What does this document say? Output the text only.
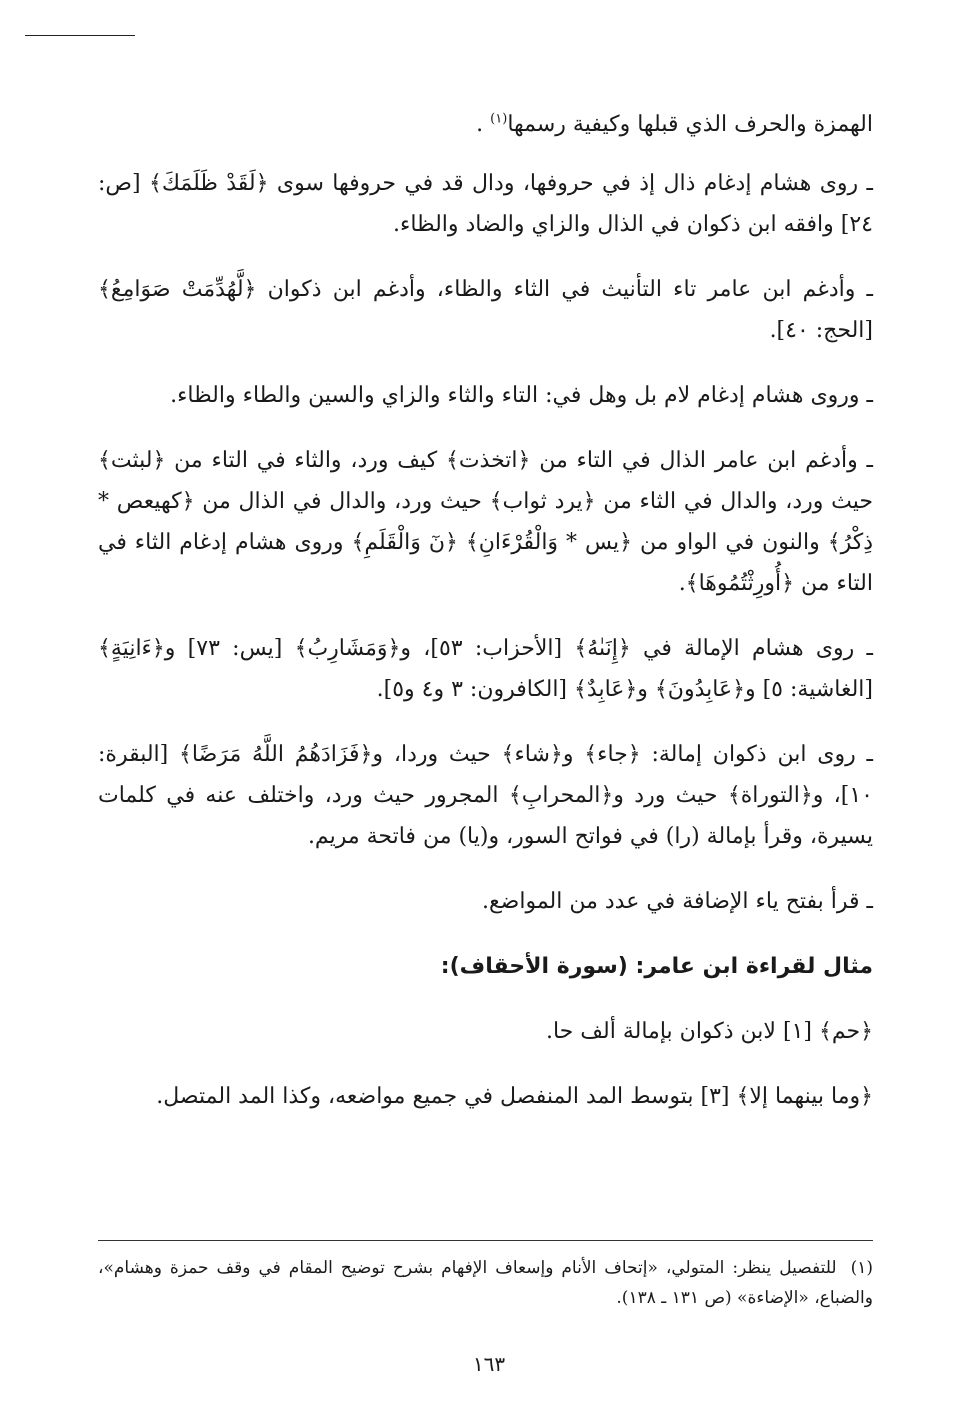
الهمزة والحرف الذي قبلها وكيفية رسمها$^{(١)}$ .

ـ روى هشام إدغام ذال إذ في حروفها، ودال قد في حروفها سوى ﴿لَقَدْ ظَلَمَكَ﴾ [ص: ٢٤] وافقه ابن ذكوان في الذال والزاي والضاد والظاء.

ـ وأدغم ابن عامر تاء التأنيث في الثاء والظاء، وأدغم ابن ذكوان ﴿لَّهُدِّمَتْ صَوَامِعُ﴾ [الحج: ٤٠].

ـ وروى هشام إدغام لام بل وهل في: التاء والثاء والزاي والسين والطاء والظاء.

ـ وأدغم ابن عامر الذال في التاء من ﴿اتخذت﴾ كيف ورد، والثاء في التاء من ﴿لبثت﴾ حيث ورد، والدال في الثاء من ﴿يرد ثواب﴾ حيث ورد، والدال في الذال من ﴿كهيعص * ذِكْرُ﴾ والنون في الواو من ﴿يس * وَالْقُرْءَانِ﴾ ﴿نٓ وَالْقَلَمِ﴾ وروى هشام إدغام الثاء في التاء من ﴿أُورِثْتُمُوهَا﴾.

ـ روى هشام الإمالة في ﴿إِنَىٰهُ﴾ [الأحزاب: ٥٣]، و﴿وَمَشَارِبُ﴾ [يس: ٧٣] و﴿ءَانِيَةٍ﴾ [الغاشية: ٥] و﴿عَابِدُونَ﴾ و﴿عَابِدٌ﴾ [الكافرون: ٣ و٤ و٥].

ـ روى ابن ذكوان إمالة: ﴿جاء﴾ و﴿شاء﴾ حيث وردا، و﴿فَزَادَهُمُ اللَّهُ مَرَضًا﴾ [البقرة: ١٠]، و﴿التوراة﴾ حيث ورد و﴿المحرابِ﴾ المجرور حيث ورد، واختلف عنه في كلمات يسيرة، وقرأ بإمالة (را) في فواتح السور، و(يا) من فاتحة مريم.

ـ قرأ بفتح ياء الإضافة في عدد من المواضع.

مثال لقراءة ابن عامر: (سورة الأحقاف):

﴿حم﴾ [١] لابن ذكوان بإمالة ألف حا.

﴿وما بينهما إلا﴾ [٣] بتوسط المد المنفصل في جميع مواضعه، وكذا المد المتصل.

(١) للتفصيل ينظر: المتولي، «إتحاف الأنام وإسعاف الإفهام بشرح توضيح المقام في وقف حمزة وهشام»، والضباع، «الإضاءة» (ص ١٣١ ـ ١٣٨).
١٦٣
